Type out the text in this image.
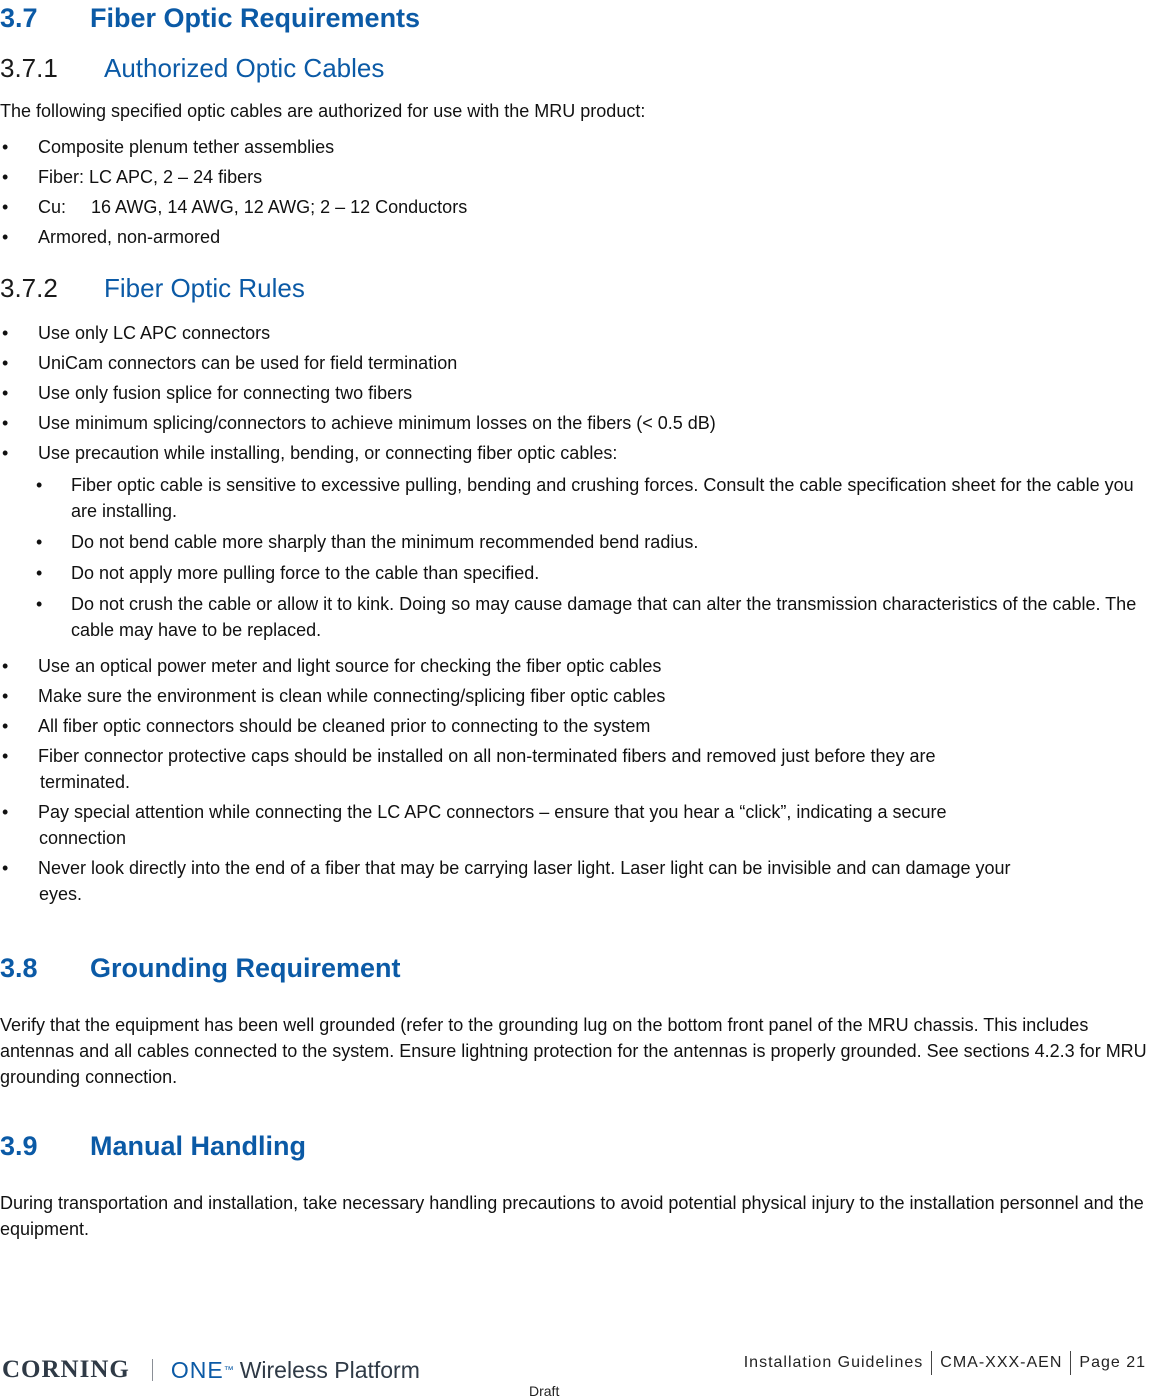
3.7 Fiber Optic Requirements
3.7.1 Authorized Optic Cables

The following specified optic cables are authorized for use with the MRU product:

• Composite plenum tether assemblies
• Fiber: LC APC, 2 – 24 fibers
• Cu:     16 AWG, 14 AWG, 12 AWG; 2 – 12 Conductors
• Armored, non-armored
3.7.2 Fiber Optic Rules
• Use only LC APC connectors
• UniCam connectors can be used for field termination
• Use only fusion splice for connecting two fibers
• Use minimum splicing/connectors to achieve minimum losses on the fibers (< 0.5 dB)
• Use precaution while installing, bending, or connecting fiber optic cables:
• Fiber optic cable is sensitive to excessive pulling, bending and crushing forces. Consult the cable specification sheet for the cable you are installing.
• Do not bend cable more sharply than the minimum recommended bend radius.
• Do not apply more pulling force to the cable than specified.
• Do not crush the cable or allow it to kink. Doing so may cause damage that can alter the transmission characteristics of the cable. The cable may have to be replaced.
• Use an optical power meter and light source for checking the fiber optic cables
• Make sure the environment is clean while connecting/splicing fiber optic cables
• All fiber optic connectors should be cleaned prior to connecting to the system
• Fiber connector protective caps should be installed on all non-terminated fibers and removed just before they are
terminated.
• Pay special attention while connecting the LC APC connectors – ensure that you hear a “click”, indicating a secure
connection
• Never look directly into the end of a fiber that may be carrying laser light. Laser light can be invisible and can damage your
eyes.
3.8 Grounding Requirement

Verify that the equipment has been well grounded (refer to the grounding lug on the bottom front panel of the MRU chassis. This includes antennas and all cables connected to the system. Ensure lightning protection for the antennas is properly grounded. See sections 4.2.3 for MRU grounding connection.

3.9 Manual Handling

During transportation and installation, take necessary handling precautions to avoid potential physical injury to the installation personnel and the equipment.

CORNING ONE ™ Wireless Platform	Installation Guidelines CMA-XXX-AEN Page 21
Draft
